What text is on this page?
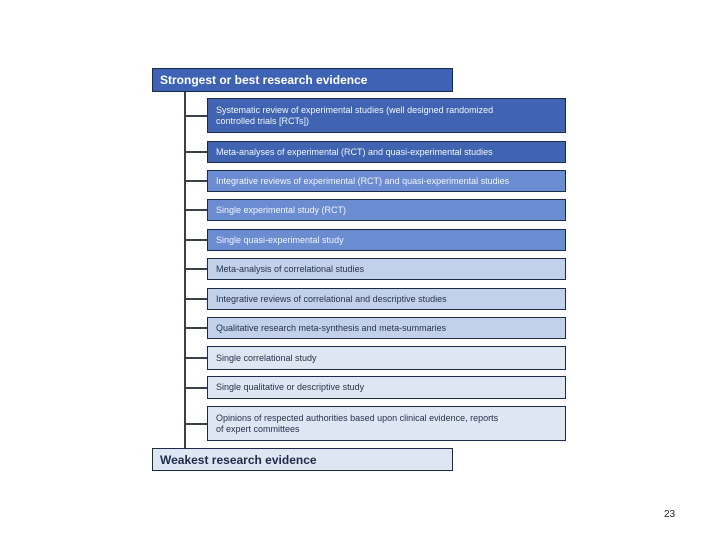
Strongest or best research evidence
Systematic review of experimental studies (well designed randomized
controlled trials [RCTs])
Meta-analyses of experimental (RCT) and quasi-experimental studies
Integrative reviews of experimental (RCT) and quasi-experimental studies
Single experimental study (RCT)
Single quasi-experimental study
Meta-analysis of correlational studies
Integrative reviews of correlational and descriptive studies
Qualitative research meta-synthesis and meta-summaries
Single correlational study
Single qualitative or descriptive study
Opinions of respected authorities based upon clinical evidence, reports
of expert committees
Weakest research evidence
23
